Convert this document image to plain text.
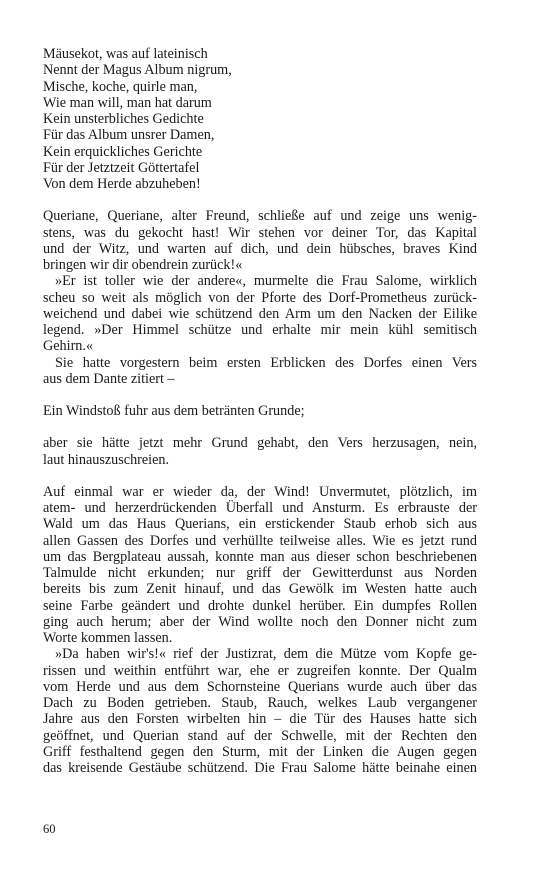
Mäusekot, was auf lateinisch
Nennt der Magus Album nigrum,
Mische, koche, quirle man,
Wie man will, man hat darum
Kein unsterbliches Gedichte
Für das Album unsrer Damen,
Kein erquickliches Gerichte
Für der Jetztzeit Göttertafel
Von dem Herde abzuheben!
Queriane, Queriane, alter Freund, schließe auf und zeige uns wenig-
stens, was du gekocht hast! Wir stehen vor deiner Tor, das Kapital
und der Witz, und warten auf dich, und dein hübsches, braves Kind
bringen wir dir obendrein zurück!«
»Er ist toller wie der andere«, murmelte die Frau Salome, wirklich
scheu so weit als möglich von der Pforte des Dorf-Prometheus zurück-
weichend und dabei wie schützend den Arm um den Nacken der Eilike
legend. »Der Himmel schütze und erhalte mir mein kühl semitisch
Gehirn.«
Sie hatte vorgestern beim ersten Erblicken des Dorfes einen Vers
aus dem Dante zitiert –
Ein Windstoß fuhr aus dem betränten Grunde;
aber sie hätte jetzt mehr Grund gehabt, den Vers herzusagen, nein,
laut hinauszuschreien.
Auf einmal war er wieder da, der Wind! Unvermutet, plötzlich, im
atem- und herzerdrückenden Überfall und Ansturm. Es erbrauste der
Wald um das Haus Querians, ein erstickender Staub erhob sich aus
allen Gassen des Dorfes und verhüllte teilweise alles. Wie es jetzt rund
um das Bergplateau aussah, konnte man aus dieser schon beschriebenen
Talmulde nicht erkunden; nur griff der Gewitterdunst aus Norden
bereits bis zum Zenit hinauf, und das Gewölk im Westen hatte auch
seine Farbe geändert und drohte dunkel herüber. Ein dumpfes Rollen
ging auch herum; aber der Wind wollte noch den Donner nicht zum
Worte kommen lassen.
»Da haben wir's!« rief der Justizrat, dem die Mütze vom Kopfe ge-
rissen und weithin entführt war, ehe er zugreifen konnte. Der Qualm
vom Herde und aus dem Schornsteine Querians wurde auch über das
Dach zu Boden getrieben. Staub, Rauch, welkes Laub vergangener
Jahre aus den Forsten wirbelten hin – die Tür des Hauses hatte sich
geöffnet, und Querian stand auf der Schwelle, mit der Rechten den
Griff festhaltend gegen den Sturm, mit der Linken die Augen gegen
das kreisende Gestäube schützend. Die Frau Salome hätte beinahe einen
60
